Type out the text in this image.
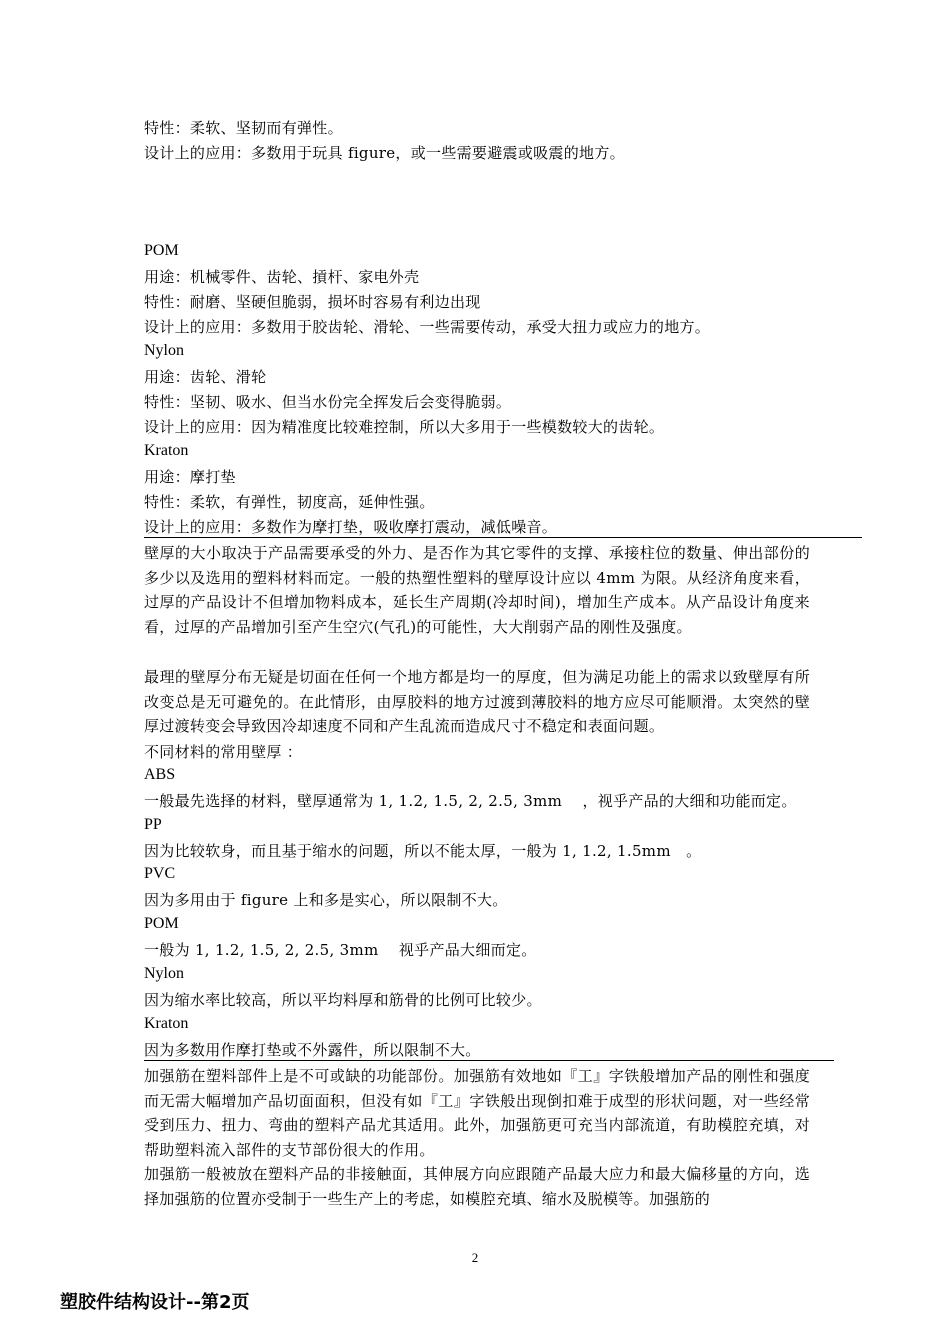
特性：柔软、坚韧而有弹性。
设计上的应用：多数用于玩具 figure，或一些需要避震或吸震的地方。
POM
用途：机械零件、齿轮、摃杆、家电外壳
特性：耐磨、坚硬但脆弱，损坏时容易有利边出现
设计上的应用：多数用于胶齿轮、滑轮、一些需要传动，承受大扭力或应力的地方。
Nylon
用途：齿轮、滑轮
特性：坚韧、吸水、但当水份完全挥发后会变得脆弱。
设计上的应用：因为精准度比较难控制，所以大多用于一些模数较大的齿轮。
Kraton
用途：摩打垫
特性：柔软，有弹性，韧度高，延伸性强。
设计上的应用：多数作为摩打垫，吸收摩打震动，减低噪音。
壁厚的大小取决于产品需要承受的外力、是否作为其它零件的支撑、承接柱位的数量、伸出部份的多少以及选用的塑料材料而定。一般的热塑性塑料的壁厚设计应以 4mm 为限。从经济角度来看，过厚的产品设计不但增加物料成本，延长生产周期(冷却时间)，增加生产成本。从产品设计角度来看，过厚的产品增加引至产生空穴(气孔)的可能性，大大削弱产品的刚性及强度。
最理的壁厚分布无疑是切面在任何一个地方都是均一的厚度，但为满足功能上的需求以致壁厚有所改变总是无可避免的。在此情形，由厚胶料的地方过渡到薄胶料的地方应尽可能顺滑。太突然的壁厚过渡转变会导致因冷却速度不同和产生乱流而造成尺寸不稳定和表面问题。
不同材料的常用壁厚 ：
ABS
一般最先选择的材料，壁厚通常为 1, 1.2, 1.5, 2, 2.5, 3mm　 ，视乎产品的大细和功能而定。
PP
因为比较软身，而且基于缩水的问题，所以不能太厚，一般为 1, 1.2, 1.5mm　。
PVC
因为多用由于 figure 上和多是实心，所以限制不大。
POM
一般为 1, 1.2, 1.5, 2, 2.5, 3mm　 视乎产品大细而定。
Nylon
因为缩水率比较高，所以平均料厚和筋骨的比例可比较少。
Kraton
因为多数用作摩打垫或不外露件，所以限制不大。
加强筋在塑料部件上是不可或缺的功能部份。加强筋有效地如『工』字铁般增加产品的刚性和强度而无需大幅增加产品切面面积，但没有如『工』字铁般出现倒扣难于成型的形状问题，对一些经常受到压力、扭力、弯曲的塑料产品尤其适用。此外，加强筋更可充当内部流道，有助模腔充填，对帮助塑料流入部件的支节部份很大的作用。
加强筋一般被放在塑料产品的非接触面，其伸展方向应跟随产品最大应力和最大偏移量的方向，选择加强筋的位置亦受制于一些生产上的考虑，如模腔充填、缩水及脱模等。加强筋的
2
塑胶件结构设计--第2页
